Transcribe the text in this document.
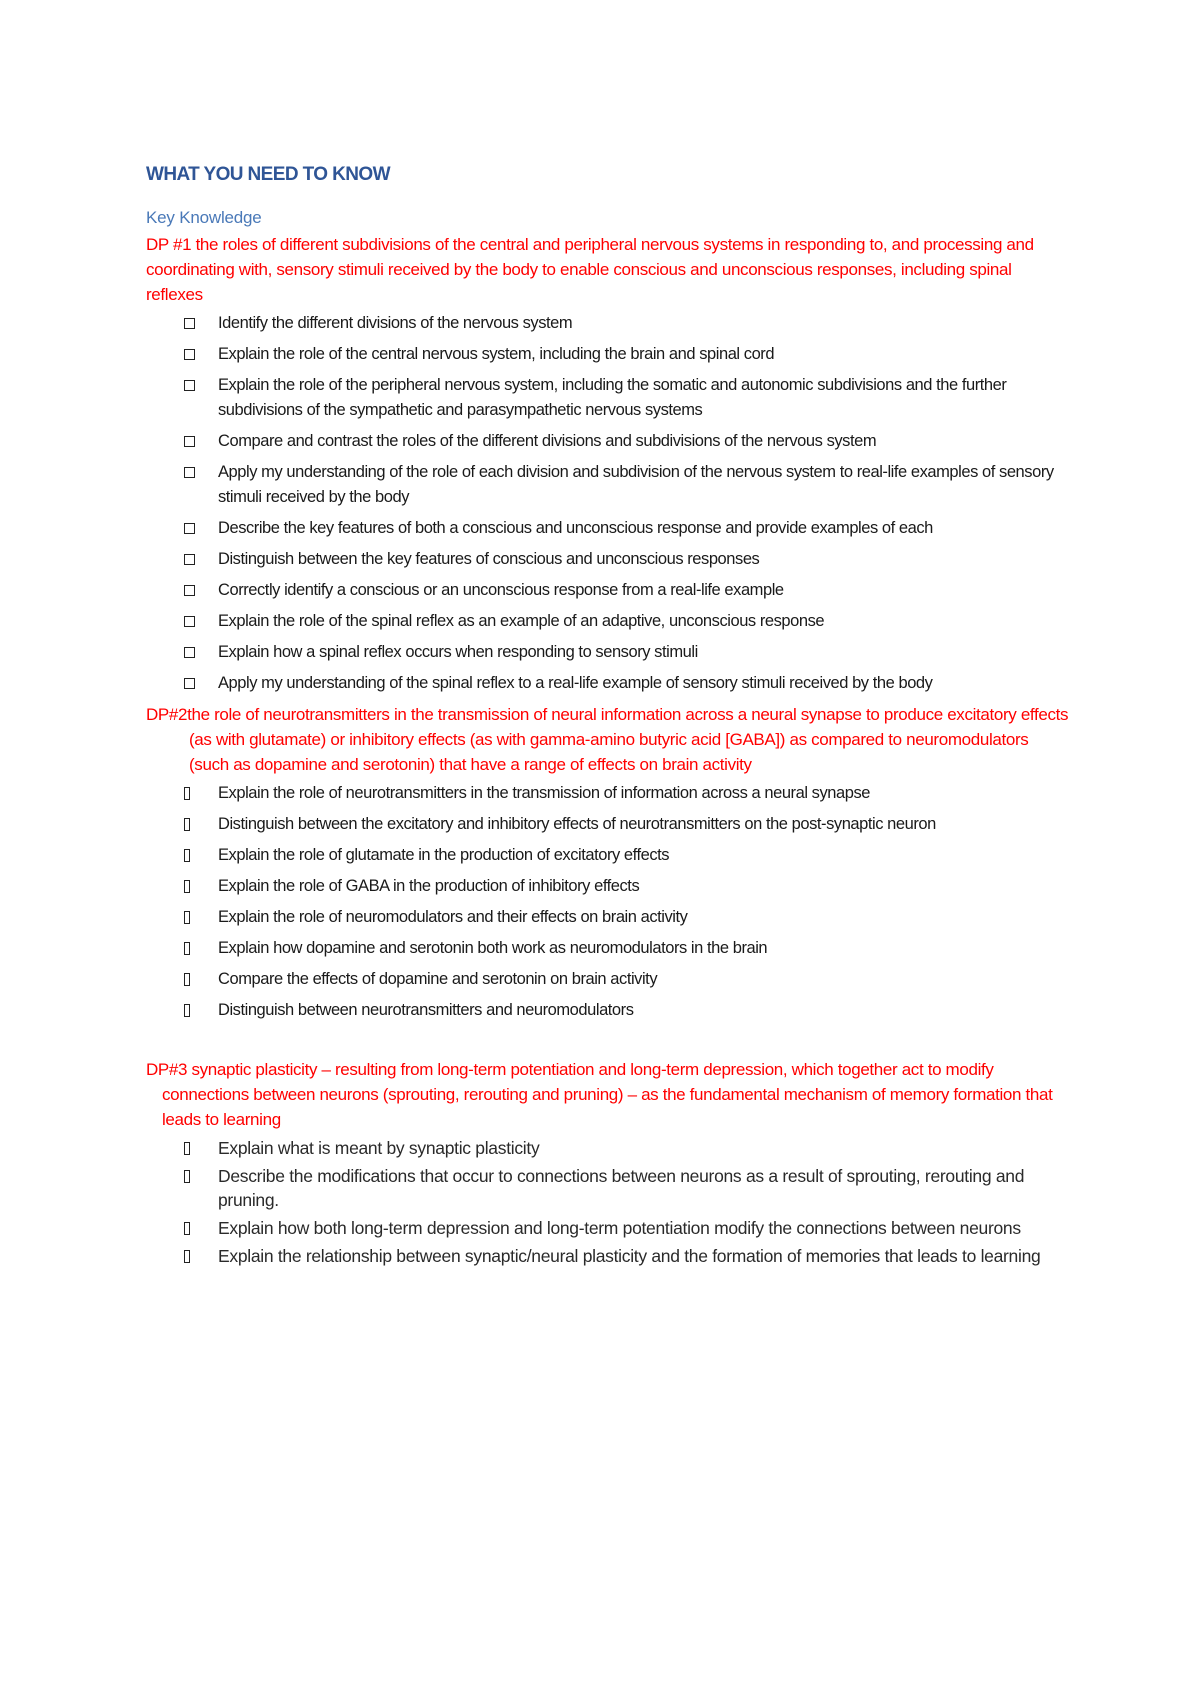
WHAT YOU NEED TO KNOW
Key Knowledge

DP #1 the roles of different subdivisions of the central and peripheral nervous systems in responding to, and processing and coordinating with, sensory stimuli received by the body to enable conscious and unconscious responses, including spinal reflexes

Identify the different divisions of the nervous system
Explain the role of the central nervous system, including the brain and spinal cord
Explain the role of the peripheral nervous system, including the somatic and autonomic subdivisions and the further subdivisions of the sympathetic and parasympathetic nervous systems
Compare and contrast the roles of the different divisions and subdivisions of the nervous system
Apply my understanding of the role of each division and subdivision of the nervous system to real-life examples of sensory stimuli received by the body
Describe the key features of both a conscious and unconscious response and provide examples of each
Distinguish between the key features of conscious and unconscious responses
Correctly identify a conscious or an unconscious response from a real-life example
Explain the role of the spinal reflex as an example of an adaptive, unconscious response
Explain how a spinal reflex occurs when responding to sensory stimuli
Apply my understanding of the spinal reflex to a real-life example of sensory stimuli received by the body

DP#2the role of neurotransmitters in the transmission of neural information across a neural synapse to produce excitatory effects (as with glutamate) or inhibitory effects (as with gamma-amino butyric acid [GABA]) as compared to neuromodulators (such as dopamine and serotonin) that have a range of effects on brain activity

Explain the role of neurotransmitters in the transmission of information across a neural synapse
Distinguish between the excitatory and inhibitory effects of neurotransmitters on the post-synaptic neuron
Explain the role of glutamate in the production of excitatory effects
Explain the role of GABA in the production of inhibitory effects
Explain the role of neuromodulators and their effects on brain activity
Explain how dopamine and serotonin both work as neuromodulators in the brain
Compare the effects of dopamine and serotonin on brain activity
Distinguish between neurotransmitters and neuromodulators

DP#3 synaptic plasticity – resulting from long-term potentiation and long-term depression, which together act to modify connections between neurons (sprouting, rerouting and pruning) – as the fundamental mechanism of memory formation that leads to learning

Explain what is meant by synaptic plasticity
Describe the modifications that occur to connections between neurons as a result of sprouting, rerouting and pruning.
Explain how both long-term depression and long-term potentiation modify the connections between neurons
Explain the relationship between synaptic/neural plasticity and the formation of memories that leads to learning
